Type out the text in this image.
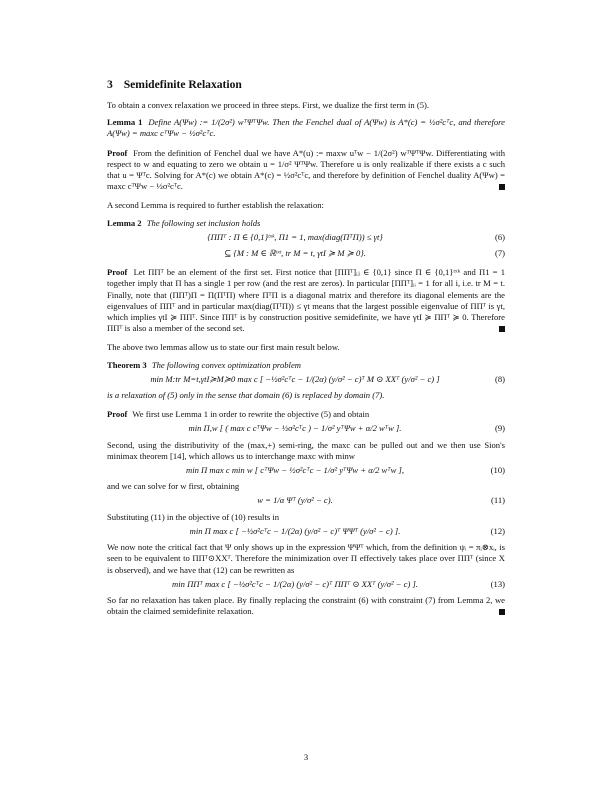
3 Semidefinite Relaxation

To obtain a convex relaxation we proceed in three steps. First, we dualize the first term in (5).

Lemma 1 Define A(Ψw) := 1/(2σ²) wᵀΨᵀΨw. Then the Fenchel dual of A(Ψw) is A*(c) = ½σ²cᵀc, and therefore A(Ψw) = maxc cᵀΨw − ½σ²cᵀc.

Proof From the definition of Fenchel dual we have A*(u) := maxw uᵀw − 1/(2σ²) wᵀΨᵀΨw. Differentiating with respect to w and equating to zero we obtain u = 1/σ² ΨᵀΨw. Therefore u is only realizable if there exists a c such that u = Ψᵀc. Solving for A*(c) we obtain A*(c) = ½σ²cᵀc, and therefore by definition of Fenchel duality A(Ψw) = maxc cᵀΨw − ½σ²cᵀc.

A second Lemma is required to further establish the relaxation:

Lemma 2 The following set inclusion holds

{ΠΠᵀ : Π ∈ {0,1}ᵗˣᵏ, Π1 = 1, max(diag(ΠᵀΠ)) ≤ γt}	(6)
⊆ {M : M ∈ ℝᵗˣᵗ, tr M = t, γtI ≽ M ≽ 0}.	(7)

Proof Let ΠΠᵀ be an element of the first set. First notice that [ΠΠᵀ]ᵢⱼ ∈ {0,1} since Π ∈ {0,1}ᵗˣᵏ and Π1 = 1 together imply that Π has a single 1 per row (and the rest are zeros). In particular [ΠΠᵀ]ᵢᵢ = 1 for all i, i.e. tr M = t. Finally, note that (ΠΠᵀ)Π = Π(ΠᵀΠ) where ΠᵀΠ is a diagonal matrix and therefore its diagonal elements are the eigenvalues of ΠΠᵀ and in particular max(diag(ΠᵀΠ)) ≤ γt means that the largest possible eigenvalue of ΠΠᵀ is γt, which implies γtI ≽ ΠΠᵀ. Since ΠΠᵀ is by construction positive semidefinite, we have γtI ≽ ΠΠᵀ ≽ 0. Therefore ΠΠᵀ is also a member of the second set.

The above two lemmas allow us to state our first main result below.

Theorem 3 The following convex optimization problem

min M:tr M=t,γtI≽M≽0 max c [ −½σ²cᵀc − 1/(2α) (y/σ² − c)ᵀ M ⊙ XXᵀ (y/σ² − c) ]	(8)

is a relaxation of (5) only in the sense that domain (6) is replaced by domain (7).

Proof We first use Lemma 1 in order to rewrite the objective (5) and obtain

min Π,w [ ( max c cᵀΨw − ½σ²cᵀc ) − 1/σ² yᵀΨw + α/2 wᵀw ].	(9)

Second, using the distributivity of the (max,+) semi-ring, the maxc can be pulled out and we then use Sion's minimax theorem [14], which allows us to interchange maxc with minw

min Π max c min w [ cᵀΨw − ½σ²cᵀc − 1/σ² yᵀΨw + α/2 wᵀw ],	(10)

and we can solve for w first, obtaining

w = 1/α Ψᵀ (y/σ² − c).	(11)

Substituting (11) in the objective of (10) results in

min Π max c [ −½σ²cᵀc − 1/(2α) (y/σ² − c)ᵀ ΨΨᵀ (y/σ² − c) ].	(12)

We now note the critical fact that Ψ only shows up in the expression ΨΨᵀ which, from the definition ψᵢ = πᵢ⊗xᵢ, is seen to be equivalent to ΠΠᵀ⊙XXᵀ. Therefore the minimization over Π effectively takes place over ΠΠᵀ (since X is observed), and we have that (12) can be rewritten as

min ΠΠᵀ max c [ −½σ²cᵀc − 1/(2α) (y/σ² − c)ᵀ ΠΠᵀ ⊙ XXᵀ (y/σ² − c) ].	(13)

So far no relaxation has taken place. By finally replacing the constraint (6) with constraint (7) from Lemma 2, we obtain the claimed semidefinite relaxation.

3
